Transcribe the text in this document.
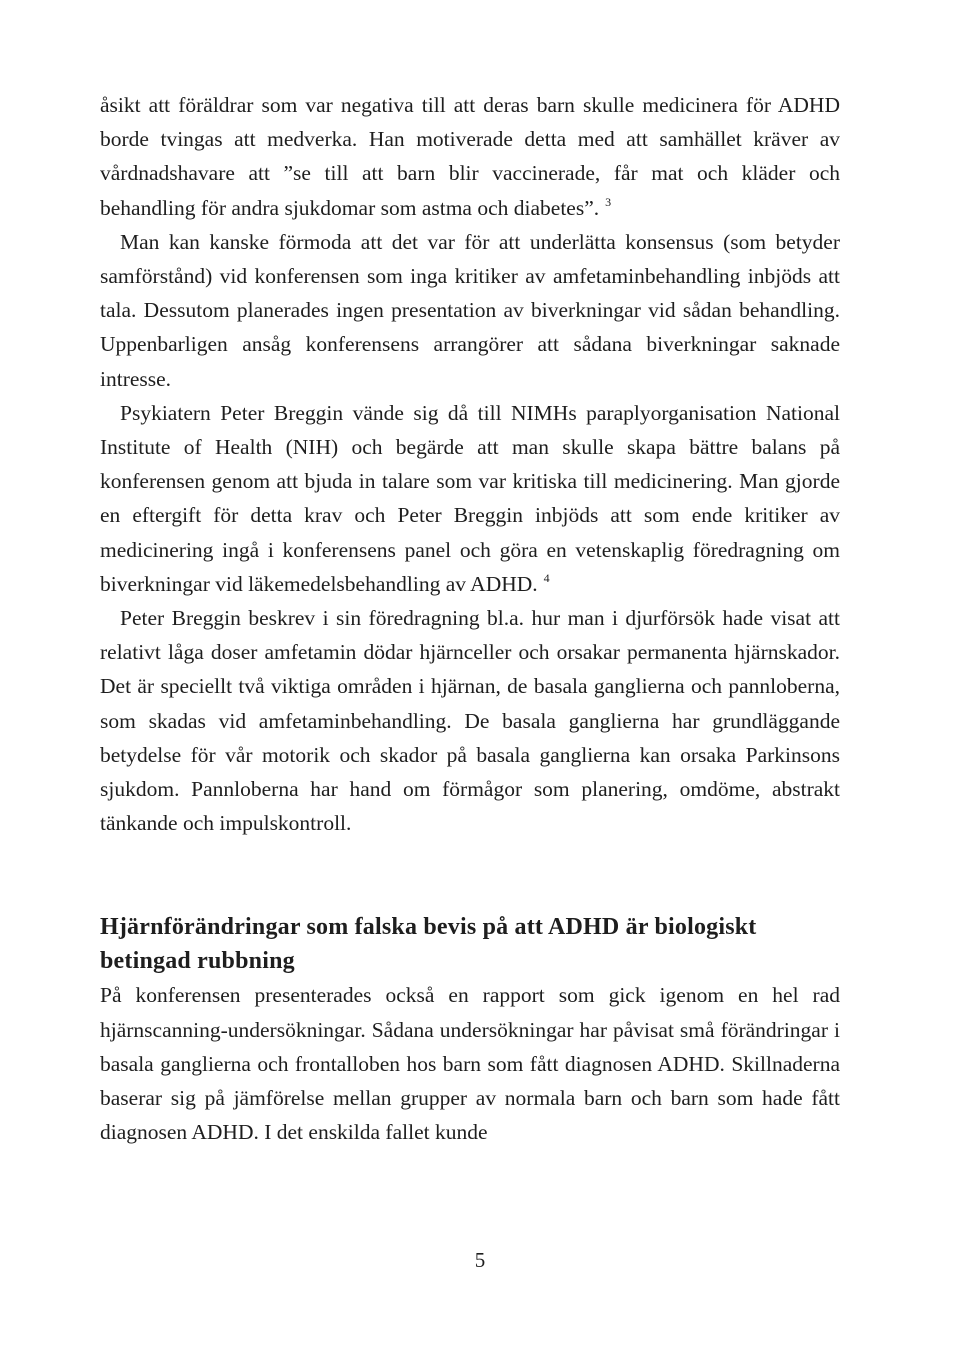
åsikt att föräldrar som var negativa till att deras barn skulle medicinera för ADHD borde tvingas att medverka. Han motiverade detta med att samhället kräver av vårdnadshavare att ”se till att barn blir vaccinerade, får mat och kläder och behandling för andra sjukdomar som astma och diabetes”. $^3$

Man kan kanske förmoda att det var för att underlätta konsensus (som betyder samförstånd) vid konferensen som inga kritiker av amfetaminbehandling inbjöds att tala. Dessutom planerades ingen presentation av biverkningar vid sådan behandling. Uppenbarligen ansåg konferensens arrangörer att sådana biverkningar saknade intresse.

Psykiatern Peter Breggin vände sig då till NIMHs paraplyorganisation National Institute of Health (NIH) och begärde att man skulle skapa bättre balans på konferensen genom att bjuda in talare som var kritiska till medicinering. Man gjorde en eftergift för detta krav och Peter Breggin inbjöds att som ende kritiker av medicinering ingå i konferensens panel och göra en vetenskaplig föredragning om biverkningar vid läkemedelsbehandling av ADHD. $^4$

Peter Breggin beskrev i sin föredragning bl.a. hur man i djurförsök hade visat att relativt låga doser amfetamin dödar hjärnceller och orsakar permanenta hjärnskador. Det är speciellt två viktiga områden i hjärnan, de basala ganglierna och pannloberna, som skadas vid amfetaminbehandling. De basala ganglierna har grundläggande betydelse för vår motorik och skador på basala ganglierna kan orsaka Parkinsons sjukdom. Pannloberna har hand om förmågor som planering, omdöme, abstrakt tänkande och impulskontroll.

Hjärnförändringar som falska bevis på att ADHD är biologiskt betingad rubbning

På konferensen presenterades också en rapport som gick igenom en hel rad hjärnscanning-undersökningar. Sådana undersökningar har påvisat små förändringar i basala ganglierna och frontalloben hos barn som fått diagnosen ADHD. Skillnaderna baserar sig på jämförelse mellan grupper av normala barn och barn som hade fått diagnosen ADHD. I det enskilda fallet kunde

5
